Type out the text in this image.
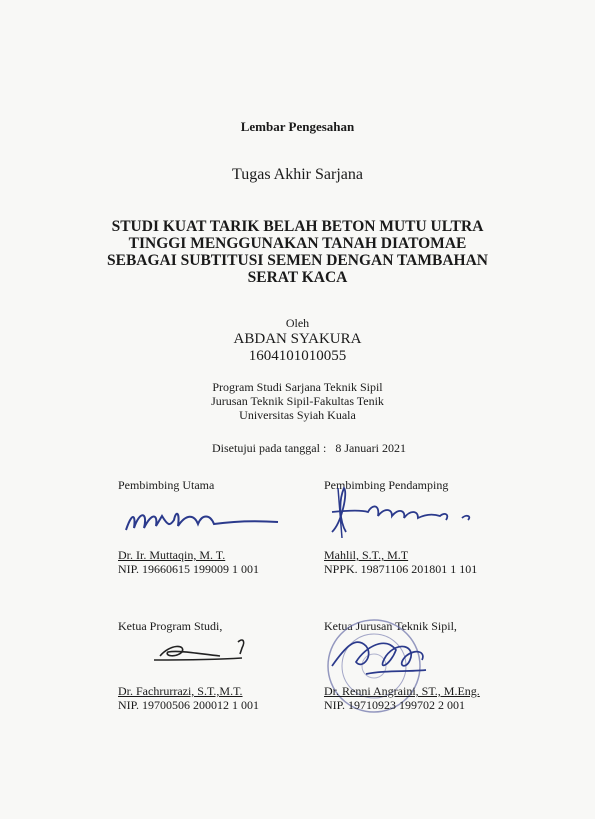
Lembar Pengesahan
Tugas Akhir Sarjana
STUDI KUAT TARIK BELAH BETON MUTU ULTRA TINGGI MENGGUNAKAN TANAH DIATOMAE SEBAGAI SUBTITUSI SEMEN DENGAN TAMBAHAN SERAT KACA
Oleh
ABDAN SYAKURA
1604101010055
Program Studi Sarjana Teknik Sipil
Jurusan Teknik Sipil-Fakultas Tenik
Universitas Syiah Kuala
Disetujui pada tanggal : 8 Januari 2021
Pembimbing Utama
Dr. Ir. Muttaqin, M. T.
NIP. 19660615 199009 1 001
Pembimbing Pendamping
Mahlil, S.T., M.T
NPPK. 19871106 201801 1 101
Ketua Program Studi,
Dr. Fachrurrazi, S.T.,M.T.
NIP. 19700506 200012 1 001
Ketua Jurusan Teknik Sipil,
Dr. Renni Angraini, ST., M.Eng.
NIP. 19710923 199702 2 001
